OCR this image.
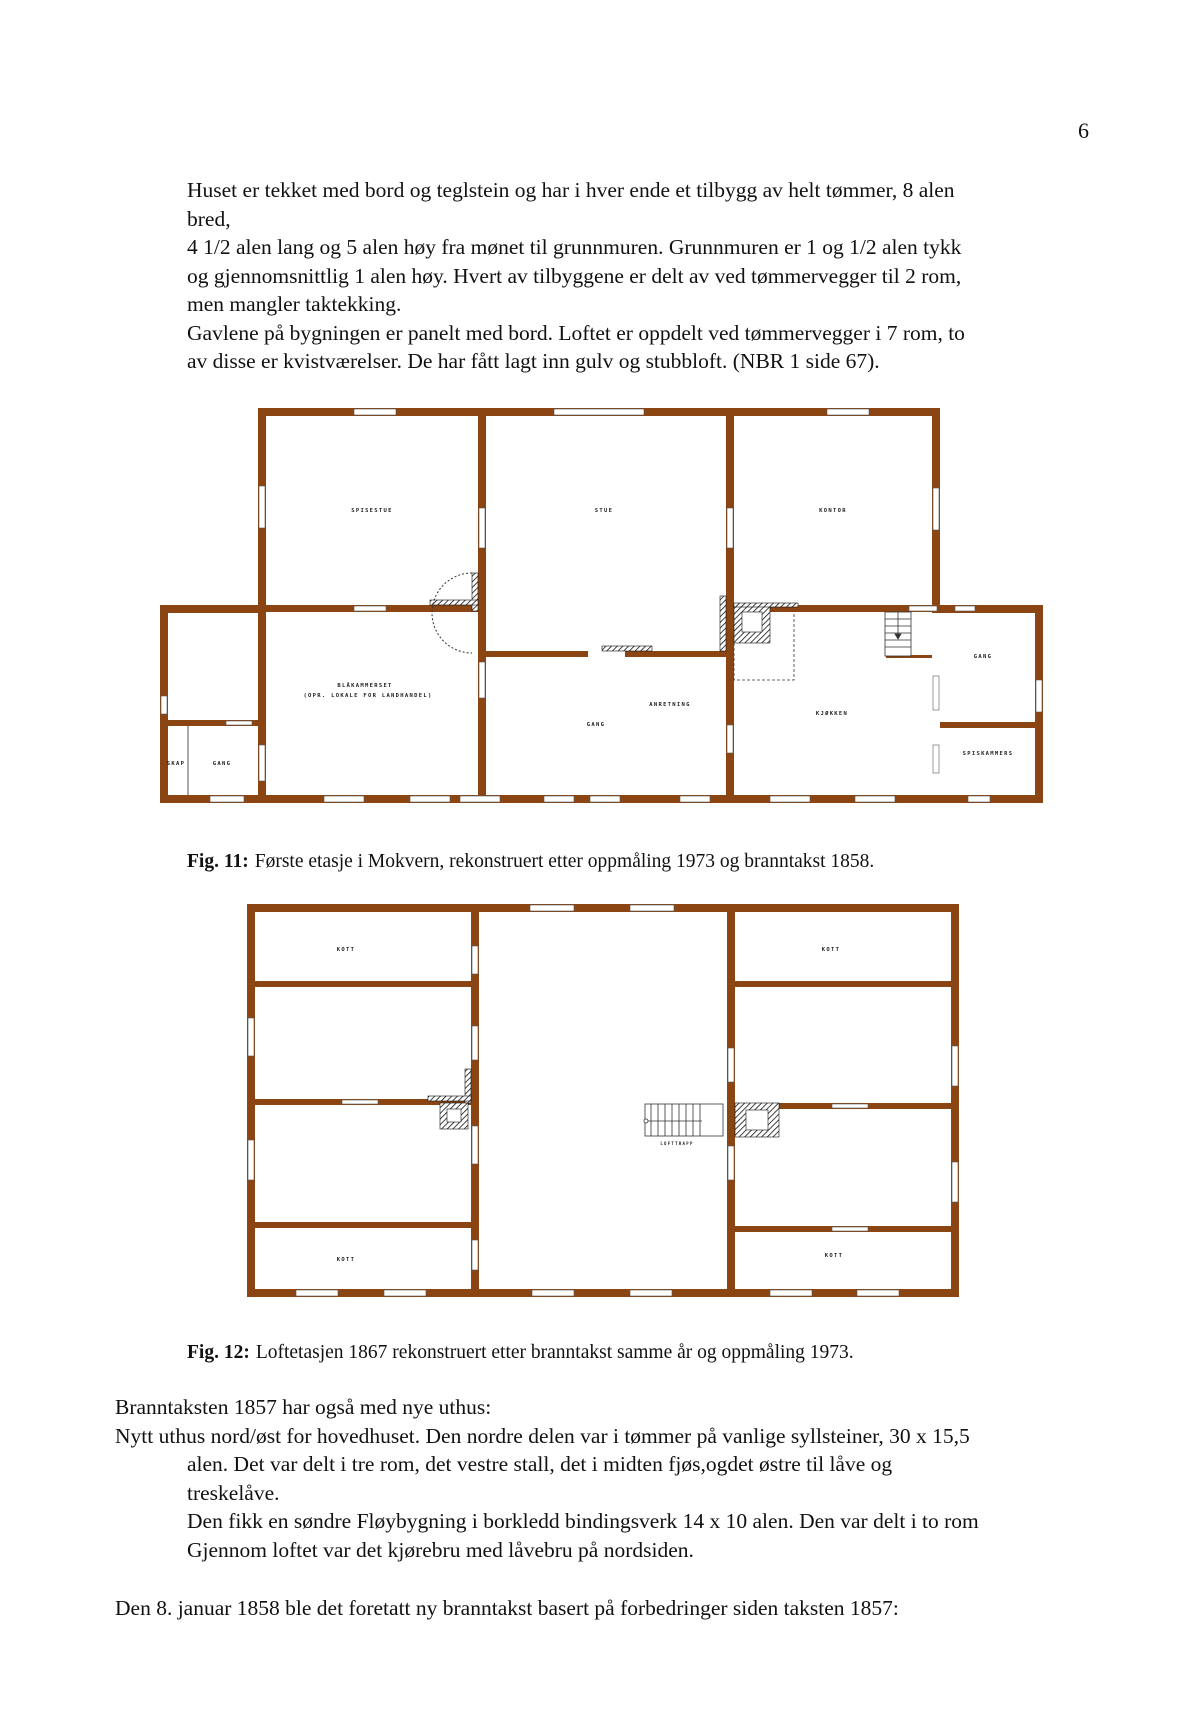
6
Huset er tekket med bord og teglstein og har i hver ende et tilbygg av helt tømmer, 8 alen
bred,
4 1/2 alen lang og 5 alen høy fra mønet til grunnmuren. Grunnmuren er 1 og 1/2 alen tykk
og gjennomsnittlig 1 alen høy. Hvert av tilbyggene er delt av ved tømmervegger til 2 rom,
men mangler taktekking.
Gavlene på bygningen er panelt med bord. Loftet er oppdelt ved tømmervegger i 7 rom, to
av disse er kvistværelser. De har fått lagt inn gulv og stubbloft. (NBR 1 side 67).
SPISESTUE	STUE	KONTOR
BLÅKAMMERSET
(OPR. LOKALE FOR LANDHANDEL)
SKAP	GANG
GANG
ANRETNING
KJØKKEN
GANG
SPISKAMMERS
Fig. 11: Første etasje i Mokvern, rekonstruert etter oppmåling 1973 og branntakst 1858.
KOTT
KOTT
KOTT
KOTT
LOFTTRAPP
Fig. 12: Loftetasjen 1867 rekonstruert etter branntakst samme år og oppmåling 1973.
Branntaksten 1857 har også med nye uthus:
Nytt uthus nord/øst for hovedhuset. Den nordre delen var i tømmer på vanlige syllsteiner, 30 x 15,5
alen. Det var delt i tre rom, det vestre stall, det i midten fjøs,ogdet østre til låve og
treskelåve.
Den fikk en søndre Fløybygning i borkledd bindingsverk 14 x 10 alen. Den var delt i to rom
Gjennom loftet var det kjørebru med låvebru på nordsiden.
Den 8. januar 1858 ble det foretatt ny branntakst basert på forbedringer siden taksten 1857:
